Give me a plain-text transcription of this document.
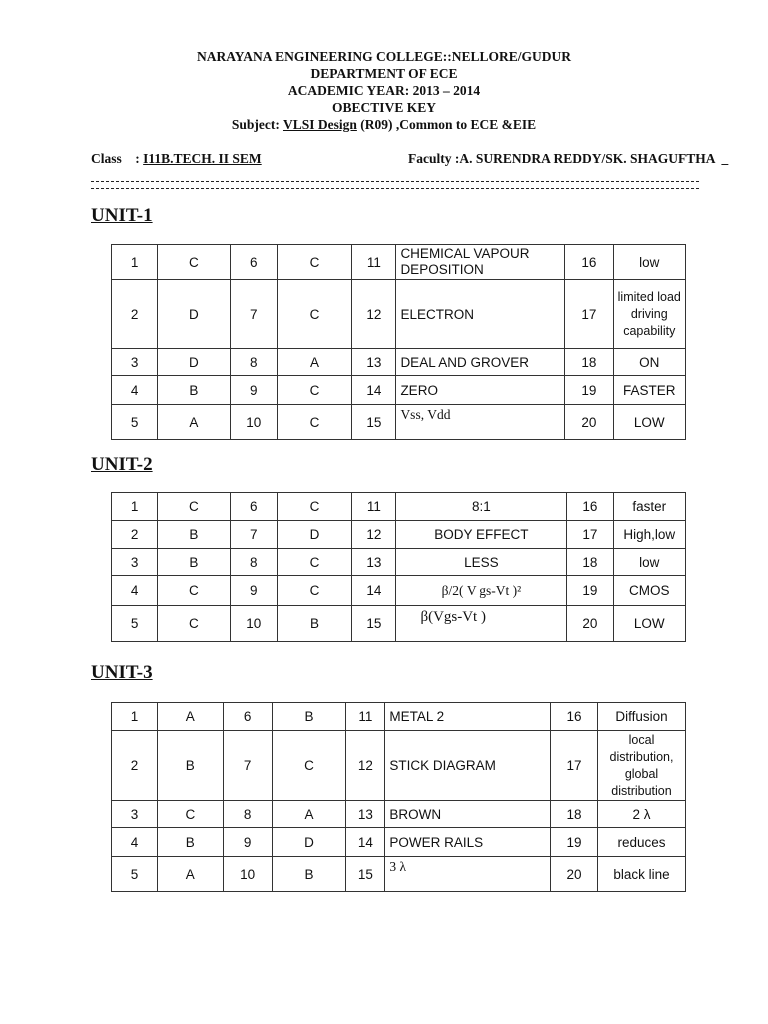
NARAYANA ENGINEERING COLLEGE::NELLORE/GUDUR
DEPARTMENT OF ECE
ACADEMIC YEAR: 2013 – 2014
OBECTIVE KEY
Subject: VLSI Design (R09) ,Common to ECE &EIE
Class    : I11B.TECH. II SEM	Faculty :A. SURENDRA REDDY/SK. SHAGUFTHA  _
UNIT-1
1	C	6	C	11	CHEMICAL VAPOUR DEPOSITION	16	low
2	D	7	C	12	ELECTRON	17	limited load driving capability
3	D	8	A	13	DEAL AND GROVER	18	ON
4	B	9	C	14	ZERO	19	FASTER
5	A	10	C	15	Vss, Vdd	20	LOW
UNIT-2
1	C	6	C	11	8:1	16	faster
2	B	7	D	12	BODY EFFECT	17	High,low
3	B	8	C	13	LESS	18	low
4	C	9	C	14	β/2( V gs-Vt )²	19	CMOS
5	C	10	B	15	β(Vgs-Vt )	20	LOW
UNIT-3
1	A	6	B	11	METAL 2	16	Diffusion
2	B	7	C	12	STICK DIAGRAM	17	local distribution, global distribution
3	C	8	A	13	BROWN	18	2 λ
4	B	9	D	14	POWER RAILS	19	reduces
5	A	10	B	15	3 λ	20	black line
